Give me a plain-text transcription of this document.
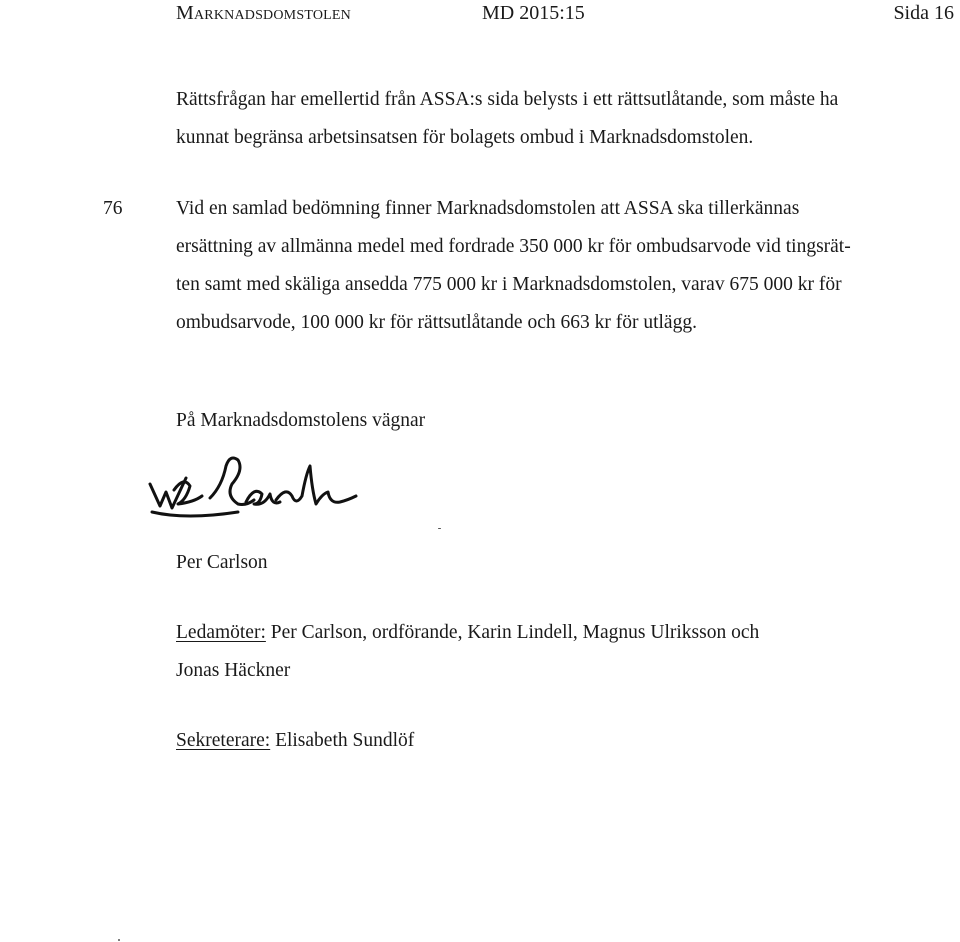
Marknadsdomstolen	MD 2015:15	Sida 16
Rättsfrågan har emellertid från ASSA:s sida belysts i ett rättsutlåtande, som måste ha
kunnat begränsa arbetsinsatsen för bolagets ombud i Marknadsdomstolen.
76	Vid en samlad bedömning finner Marknadsdomstolen att ASSA ska tillerkännas
ersättning av allmänna medel med fordrade 350 000 kr för ombudsarvode vid tingsrät-
ten samt med skäliga ansedda 775 000 kr i Marknadsdomstolen, varav 675 000 kr för
ombudsarvode, 100 000 kr för rättsutlåtande och 663 kr för utlägg.
På Marknadsdomstolens vägnar
Per Carlson
Ledamöter: Per Carlson, ordförande, Karin Lindell, Magnus Ulriksson och
Jonas Häckner
Sekreterare: Elisabeth Sundlöf
